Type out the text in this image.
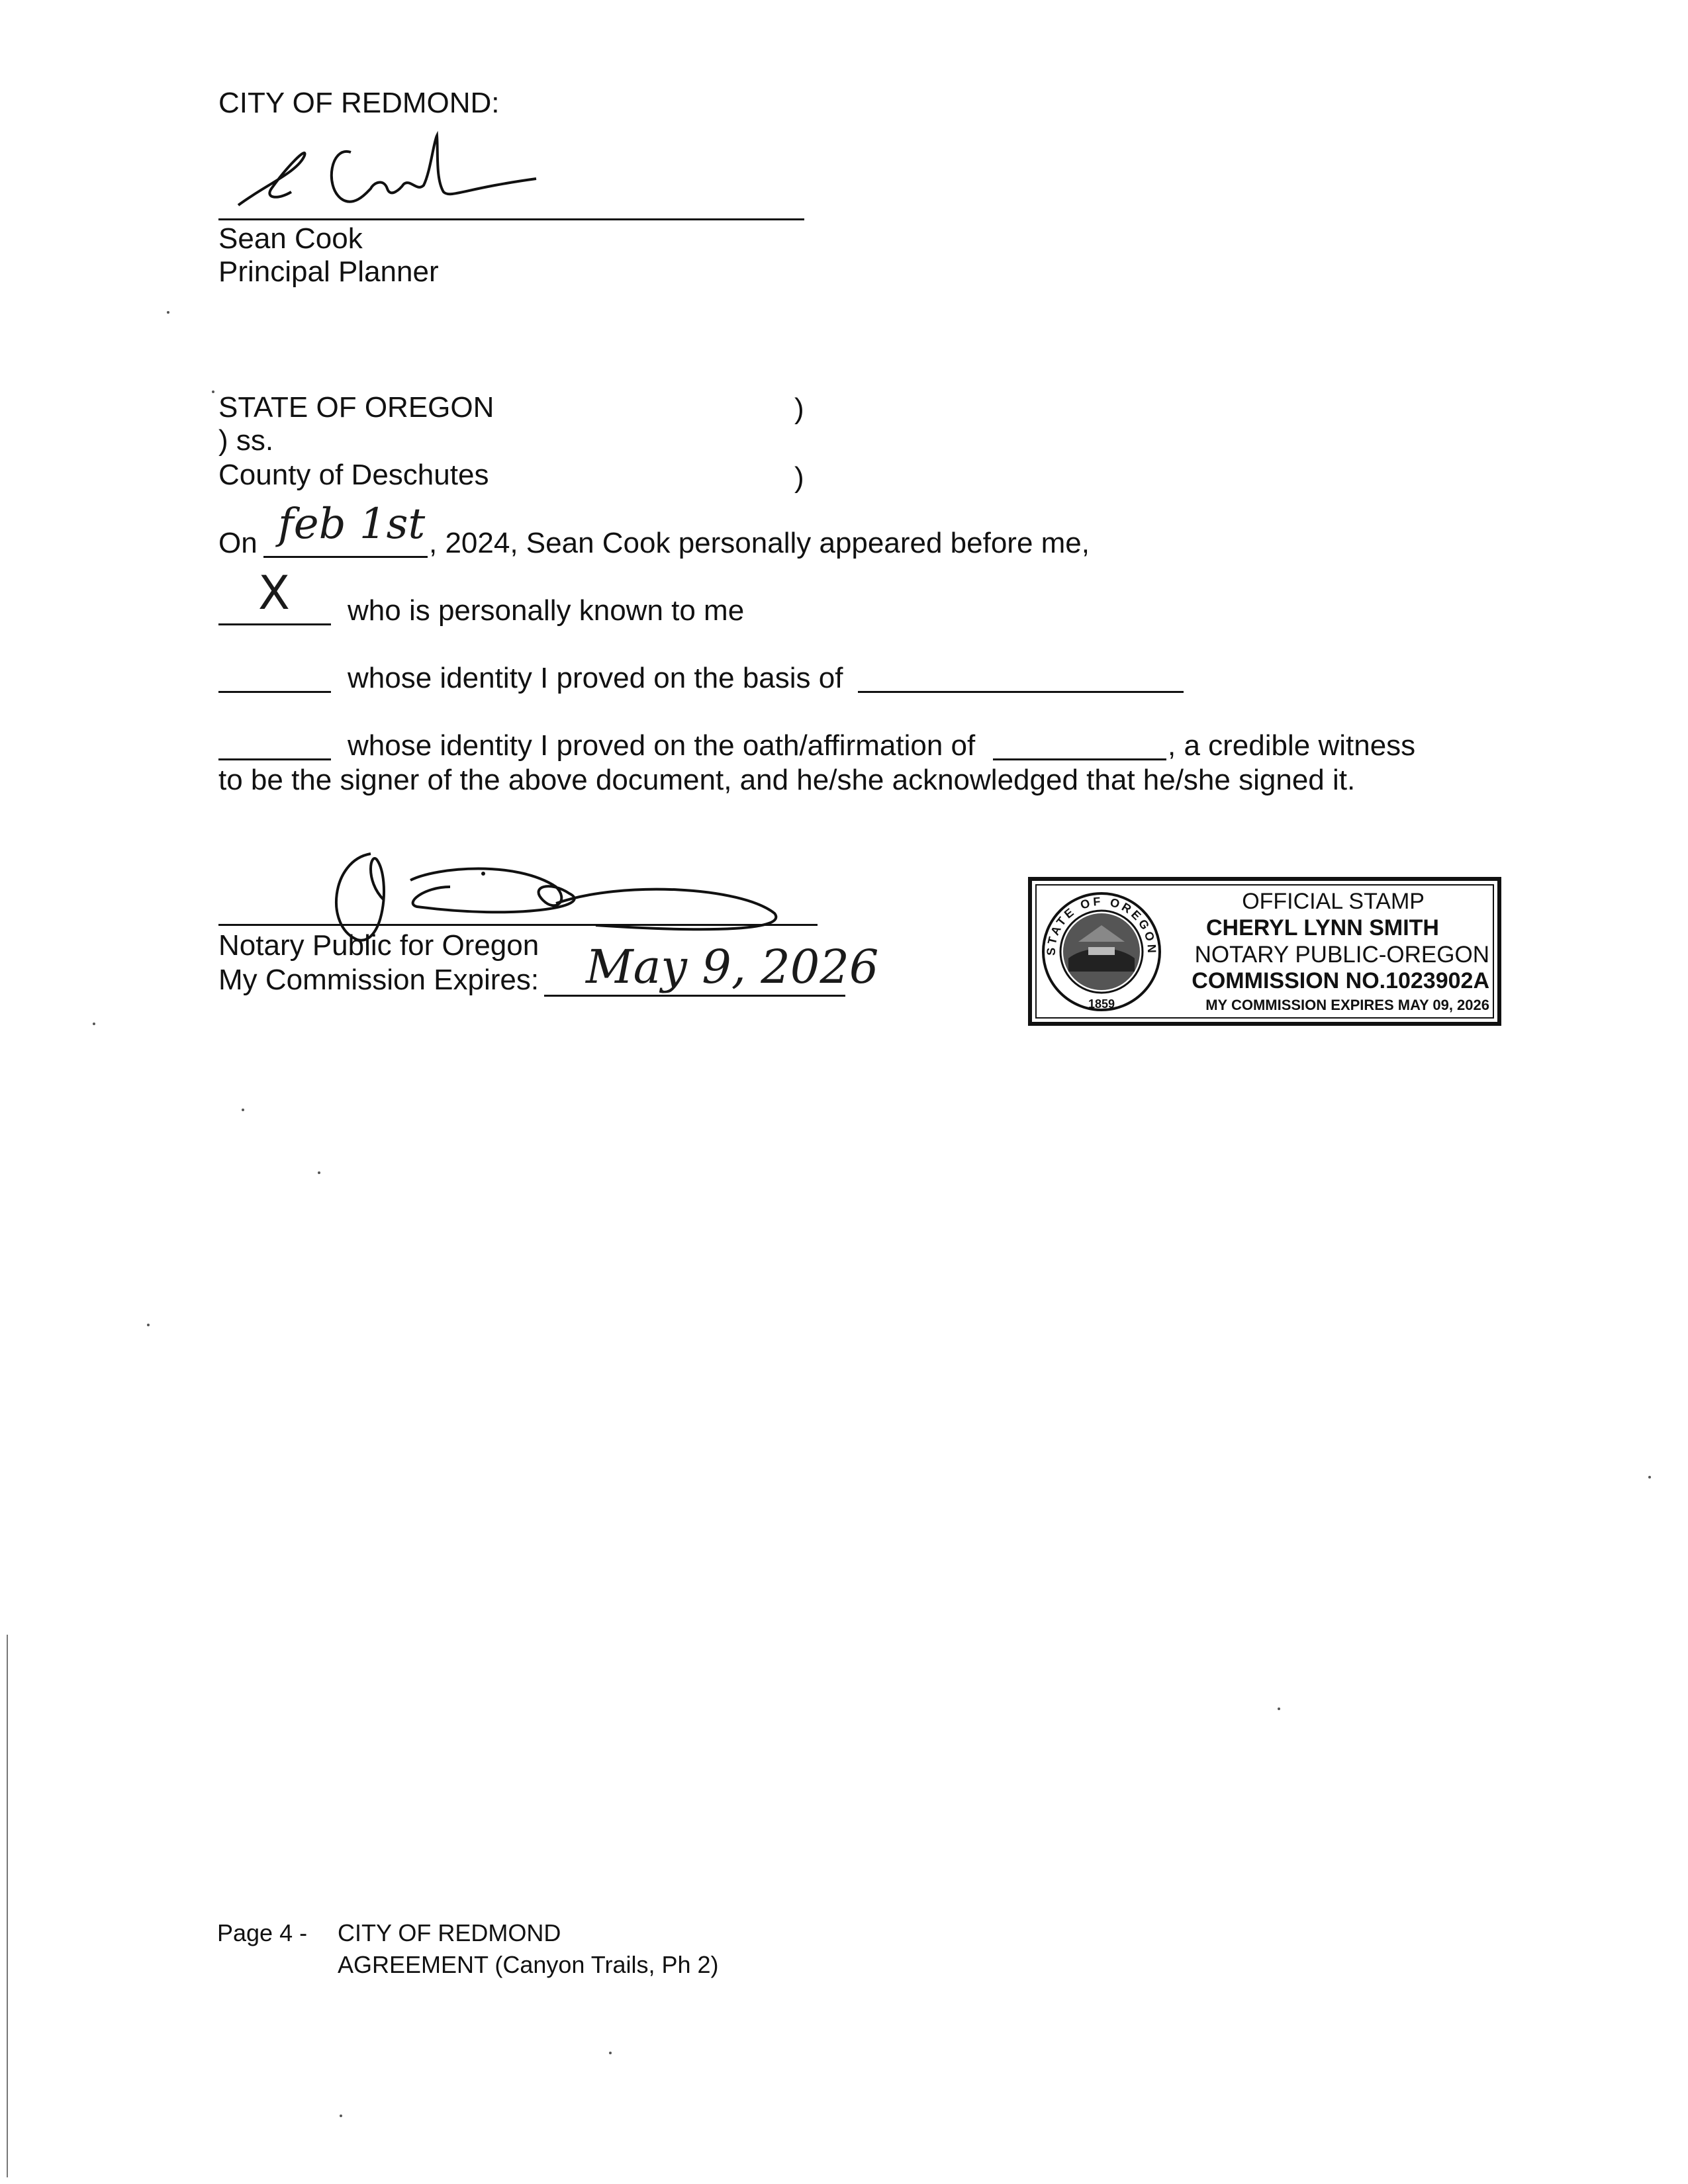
CITY OF REDMOND:
Sean Cook
Principal Planner
STATE OF OREGON	)
) ss.
County of Deschutes	)
On feb 1st , 2024, Sean Cook personally appeared before me,
X who is personally known to me
whose identity I proved on the basis of
whose identity I proved on the oath/affirmation of	, a credible witness
to be the signer of the above document, and he/she acknowledged that he/she signed it.
Notary Public for Oregon
My Commission Expires: May 9, 2026	STATE OF OREGON
1859
OFFICIAL STAMP
CHERYL LYNN SMITH
NOTARY PUBLIC-OREGON
COMMISSION NO.1023902A
MY COMMISSION EXPIRES MAY 09, 2026
Page 4 - CITY OF REDMOND
AGREEMENT (Canyon Trails, Ph 2)
